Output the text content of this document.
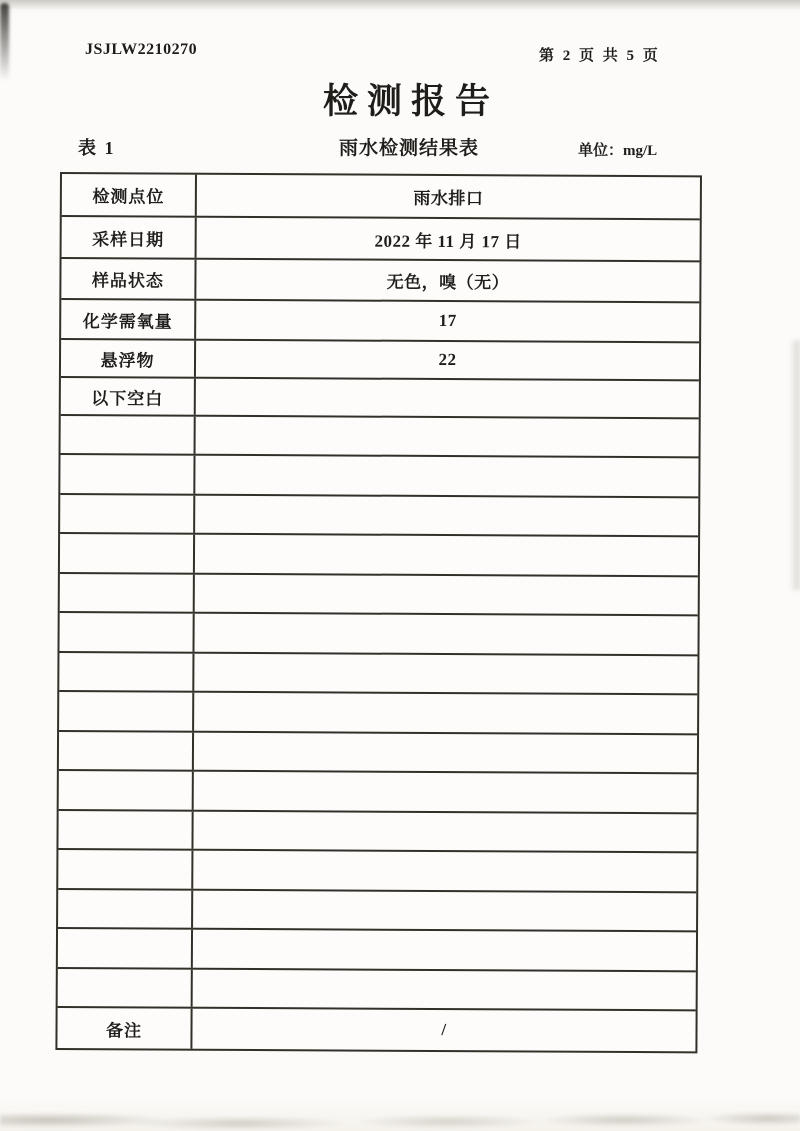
JSJLW2210270	第 2 页 共 5 页
检测报告
表 1	雨水检测结果表	单位：mg/L
检测点位	雨水排口
采样日期	2022 年 11 月 17 日
样品状态	无色，嗅（无）
化学需氧量	17
悬浮物	22
以下空白
备注	/
